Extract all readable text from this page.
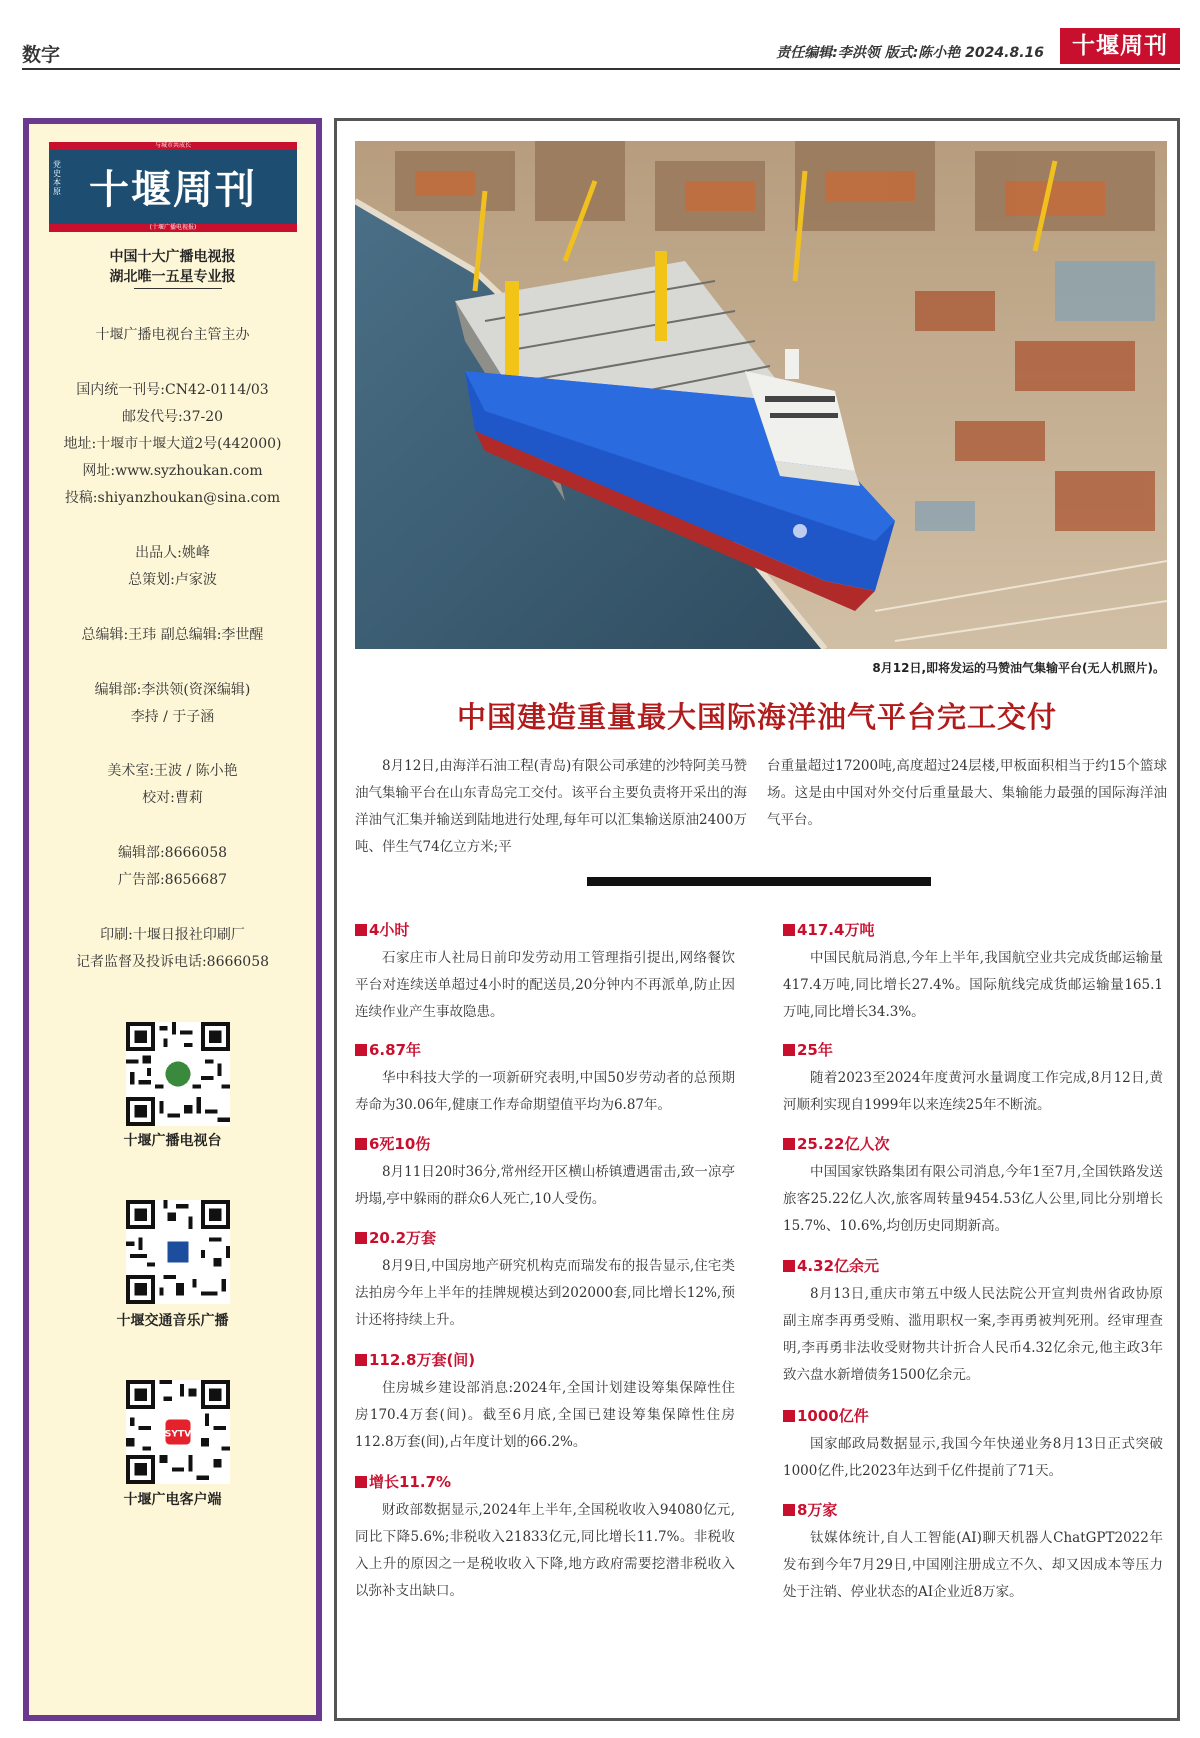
数字	责任编辑:李洪领 版式:陈小艳 2024.8.16	十堰周刊
与城市共成长
党史本原 十堰周刊
(十堰广播电视报)
中国十大广播电视报
湖北唯一五星专业报
十堰广播电视台主管主办
国内统一刊号:CN42-0114/03
邮发代号:37-20
地址:十堰市十堰大道2号(442000)
网址:www.syzhoukan.com
投稿:shiyanzhoukan@sina.com
出品人:姚峰
总策划:卢家波
总编辑:王玮 副总编辑:李世醒
编辑部:李洪领(资深编辑)
李持 / 于子涵
美术室:王波 / 陈小艳
校对:曹莉
编辑部:8666058
广告部:8656687
印刷:十堰日报社印刷厂
记者监督及投诉电话:8666058
十堰广播电视台
十堰交通音乐广播
SYTV
十堰广电客户端
8月12日,即将发运的马赞油气集输平台(无人机照片)。
中国建造重量最大国际海洋油气平台完工交付
8月12日,由海洋石油工程(青岛)有限公司承建的沙特阿美马赞油气集输平台在山东青岛完工交付。该平台主要负责将开采出的海洋油气汇集并输送到陆地进行处理,每年可以汇集输送原油2400万吨、伴生气74亿立方米;平
台重量超过17200吨,高度超过24层楼,甲板面积相当于约15个篮球场。这是由中国对外交付后重量最大、集输能力最强的国际海洋油气平台。
4小时
石家庄市人社局日前印发劳动用工管理指引提出,网络餐饮平台对连续送单超过4小时的配送员,20分钟内不再派单,防止因连续作业产生事故隐患。
6.87年
华中科技大学的一项新研究表明,中国50岁劳动者的总预期寿命为30.06年,健康工作寿命期望值平均为6.87年。
6死10伤
8月11日20时36分,常州经开区横山桥镇遭遇雷击,致一凉亭坍塌,亭中躲雨的群众6人死亡,10人受伤。
20.2万套
8月9日,中国房地产研究机构克而瑞发布的报告显示,住宅类法拍房今年上半年的挂牌规模达到202000套,同比增长12%,预计还将持续上升。
112.8万套(间)
住房城乡建设部消息:2024年,全国计划建设筹集保障性住房170.4万套(间)。截至6月底,全国已建设筹集保障性住房112.8万套(间),占年度计划的66.2%。
增长11.7%
财政部数据显示,2024年上半年,全国税收收入94080亿元,同比下降5.6%;非税收入21833亿元,同比增长11.7%。非税收入上升的原因之一是税收收入下降,地方政府需要挖潜非税收入以弥补支出缺口。
417.4万吨
中国民航局消息,今年上半年,我国航空业共完成货邮运输量417.4万吨,同比增长27.4%。国际航线完成货邮运输量165.1万吨,同比增长34.3%。
25年
随着2023至2024年度黄河水量调度工作完成,8月12日,黄河顺利实现自1999年以来连续25年不断流。
25.22亿人次
中国国家铁路集团有限公司消息,今年1至7月,全国铁路发送旅客25.22亿人次,旅客周转量9454.53亿人公里,同比分别增长15.7%、10.6%,均创历史同期新高。
4.32亿余元
8月13日,重庆市第五中级人民法院公开宣判贵州省政协原副主席李再勇受贿、滥用职权一案,李再勇被判死刑。经审理查明,李再勇非法收受财物共计折合人民币4.32亿余元,他主政3年致六盘水新增债务1500亿余元。
1000亿件
国家邮政局数据显示,我国今年快递业务8月13日正式突破1000亿件,比2023年达到千亿件提前了71天。
8万家
钛媒体统计,自人工智能(AI)聊天机器人ChatGPT2022年发布到今年7月29日,中国刚注册成立不久、却又因成本等压力处于注销、停业状态的AI企业近8万家。
